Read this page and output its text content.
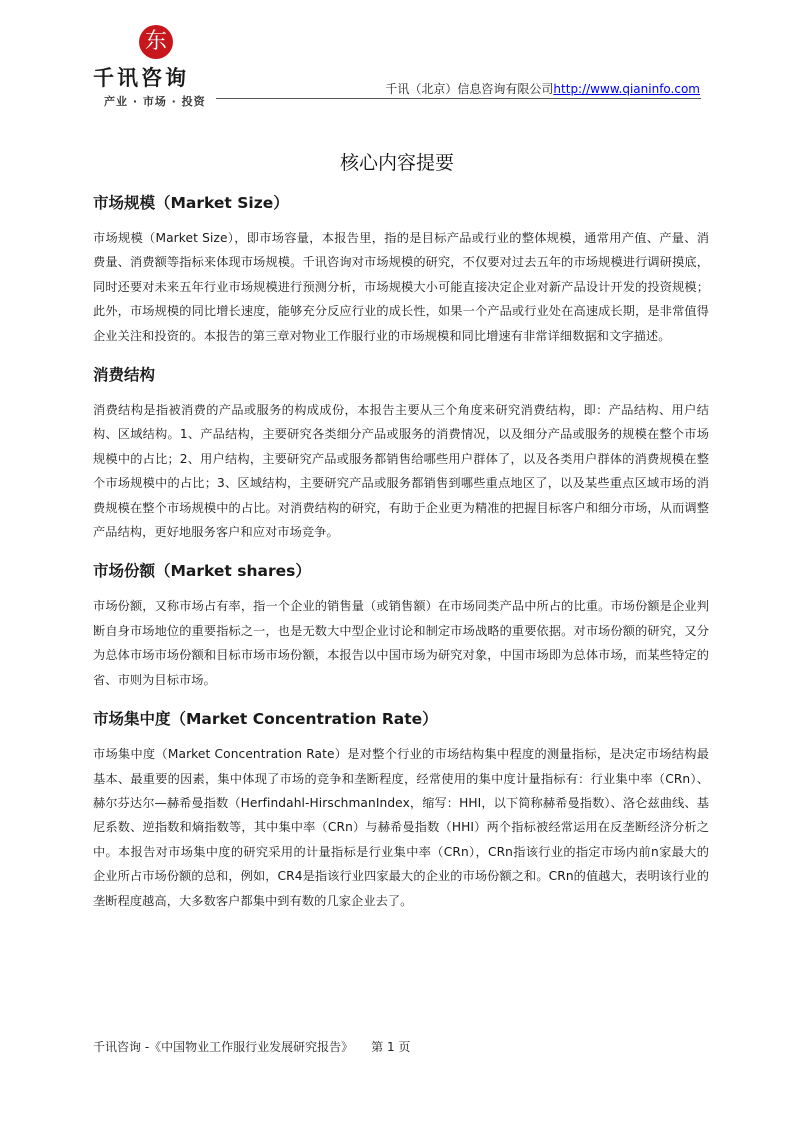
东
千讯咨询
产业 · 市场 · 投资
千讯（北京）信息咨询有限公司http://www.qianinfo.com
核心内容提要
市场规模（Market Size）
市场规模（Market Size），即市场容量，本报告里，指的是目标产品或行业的整体规模，通常用产值、产量、消费量、消费额等指标来体现市场规模。千讯咨询对市场规模的研究，不仅要对过去五年的市场规模进行调研摸底，同时还要对未来五年行业市场规模进行预测分析，市场规模大小可能直接决定企业对新产品设计开发的投资规模；此外，市场规模的同比增长速度，能够充分反应行业的成长性，如果一个产品或行业处在高速成长期，是非常值得企业关注和投资的。本报告的第三章对物业工作服行业的市场规模和同比增速有非常详细数据和文字描述。
消费结构
消费结构是指被消费的产品或服务的构成成份，本报告主要从三个角度来研究消费结构，即：产品结构、用户结构、区域结构。1、产品结构，主要研究各类细分产品或服务的消费情况，以及细分产品或服务的规模在整个市场规模中的占比；2、用户结构，主要研究产品或服务都销售给哪些用户群体了，以及各类用户群体的消费规模在整个市场规模中的占比；3、区域结构，主要研究产品或服务都销售到哪些重点地区了，以及某些重点区域市场的消费规模在整个市场规模中的占比。对消费结构的研究，有助于企业更为精准的把握目标客户和细分市场，从而调整产品结构，更好地服务客户和应对市场竞争。
市场份额（Market shares）
市场份额，又称市场占有率，指一个企业的销售量（或销售额）在市场同类产品中所占的比重。市场份额是企业判断自身市场地位的重要指标之一，也是无数大中型企业讨论和制定市场战略的重要依据。对市场份额的研究，又分为总体市场市场份额和目标市场市场份额，本报告以中国市场为研究对象，中国市场即为总体市场，而某些特定的省、市则为目标市场。
市场集中度（Market Concentration Rate）
市场集中度（Market Concentration Rate）是对整个行业的市场结构集中程度的测量指标，是决定市场结构最基本、最重要的因素，集中体现了市场的竞争和垄断程度，经常使用的集中度计量指标有：行业集中率（CRn）、赫尔芬达尔—赫希曼指数（Herfindahl-HirschmanIndex，缩写：HHI，以下简称赫希曼指数）、洛仑兹曲线、基尼系数、逆指数和熵指数等，其中集中率（CRn）与赫希曼指数（HHI）两个指标被经常运用在反垄断经济分析之中。本报告对市场集中度的研究采用的计量指标是行业集中率（CRn），CRn指该行业的指定市场内前n家最大的企业所占市场份额的总和，例如，CR4是指该行业四家最大的企业的市场份额之和。CRn的值越大，表明该行业的垄断程度越高，大多数客户都集中到有数的几家企业去了。
千讯咨询 -《中国物业工作服行业发展研究报告》 第 1 页
